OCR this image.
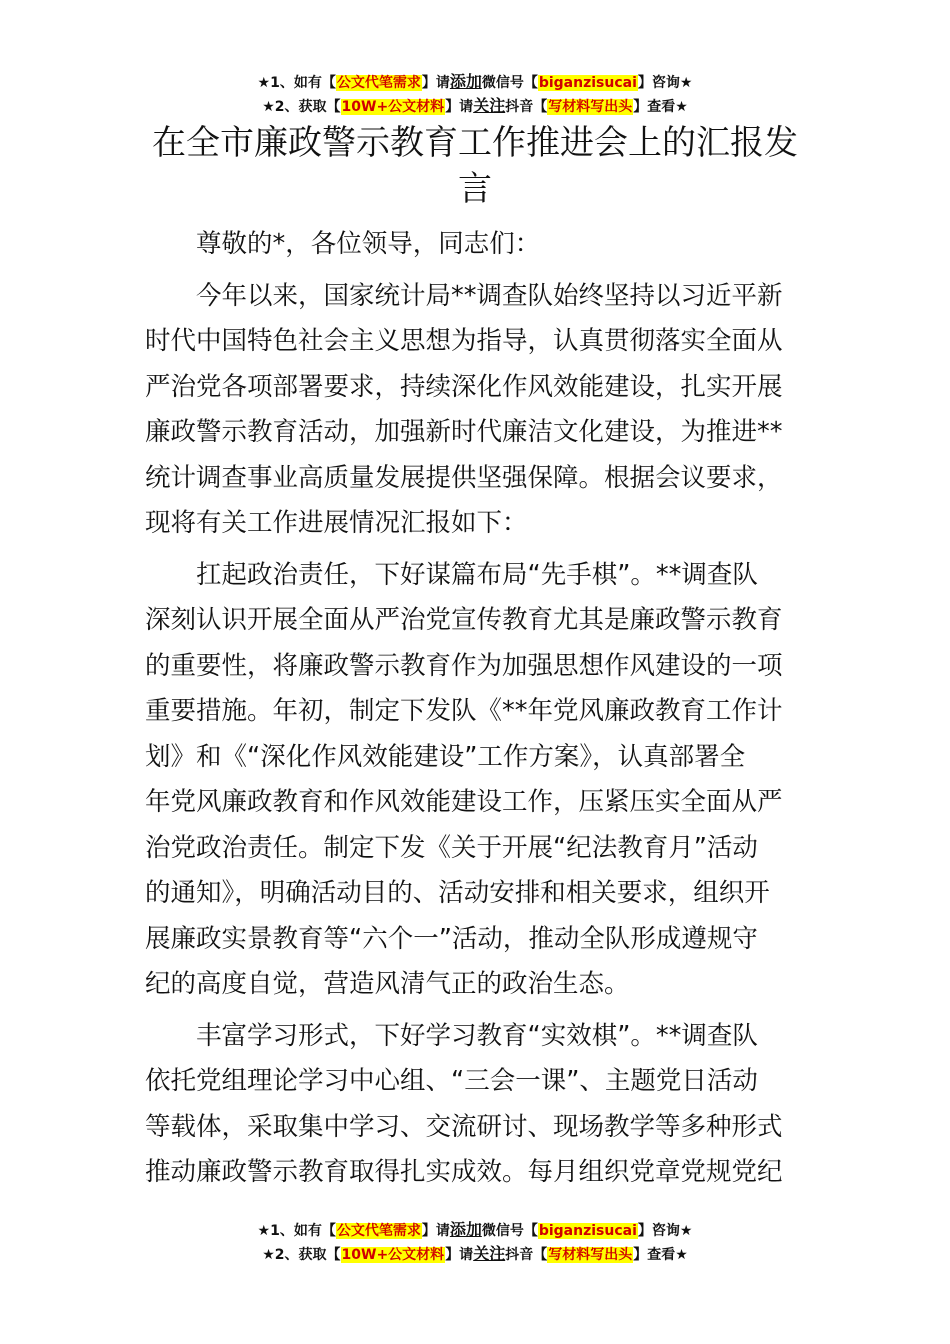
★1、如有【公文代笔需求】请添加微信号【biganzisucai】咨询★
★2、获取【10W+公文材料】请关注抖音【写材料写出头】查看★
在全市廉政警示教育工作推进会上的汇报发
言

尊敬的*，各位领导，同志们：

今年以来，国家统计局**调查队始终坚持以习近平新
时代中国特色社会主义思想为指导，认真贯彻落实全面从
严治党各项部署要求，持续深化作风效能建设，扎实开展
廉政警示教育活动，加强新时代廉洁文化建设，为推进**
统计调查事业高质量发展提供坚强保障。根据会议要求，
现将有关工作进展情况汇报如下：
扛起政治责任，下好谋篇布局“先手棋”。**调查队
深刻认识开展全面从严治党宣传教育尤其是廉政警示教育
的重要性，将廉政警示教育作为加强思想作风建设的一项
重要措施。年初，制定下发队《**年党风廉政教育工作计
划》和《“深化作风效能建设”工作方案》，认真部署全
年党风廉政教育和作风效能建设工作，压紧压实全面从严
治党政治责任。制定下发《关于开展“纪法教育月”活动
的通知》，明确活动目的、活动安排和相关要求，组织开
展廉政实景教育等“六个一”活动，推动全队形成遵规守
纪的高度自觉，营造风清气正的政治生态。
丰富学习形式，下好学习教育“实效棋”。**调查队
依托党组理论学习中心组、“三会一课”、主题党日活动
等载体，采取集中学习、交流研讨、现场教学等多种形式
推动廉政警示教育取得扎实成效。每月组织党章党规党纪
★1、如有【公文代笔需求】请添加微信号【biganzisucai】咨询★
★2、获取【10W+公文材料】请关注抖音【写材料写出头】查看★
